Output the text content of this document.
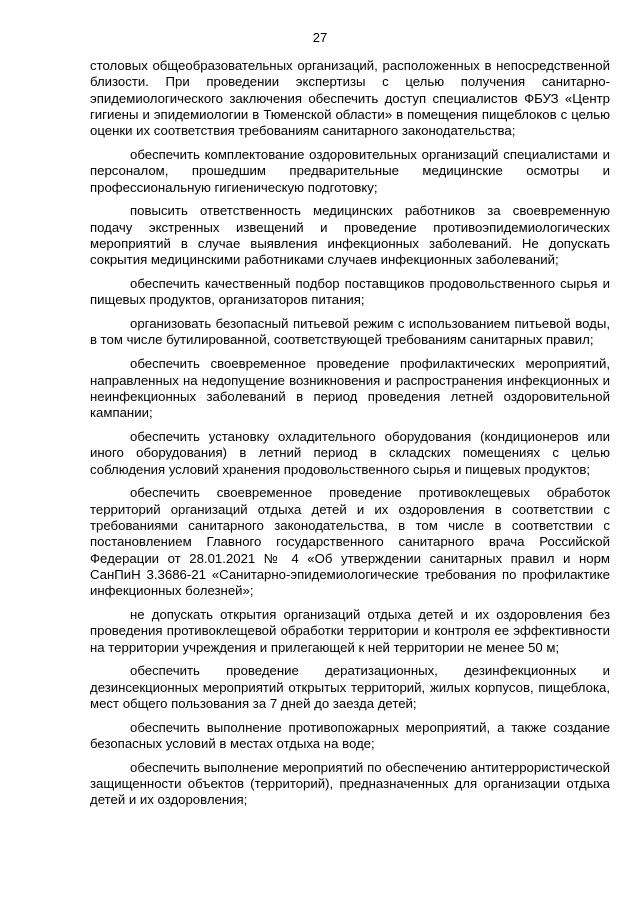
27

столовых общеобразовательных организаций, расположенных в непосредственной близости. При проведении экспертизы с целью получения санитарно-эпидемиологического заключения обеспечить доступ специалистов ФБУЗ «Центр гигиены и эпидемиологии в Тюменской области» в помещения пищеблоков с целью оценки их соответствия требованиям санитарного законодательства;

обеспечить комплектование оздоровительных организаций специалистами и персоналом, прошедшим предварительные медицинские осмотры и профессиональную гигиеническую подготовку;

повысить ответственность медицинских работников за своевременную подачу экстренных извещений и проведение противоэпидемиологических мероприятий в случае выявления инфекционных заболеваний. Не допускать сокрытия медицинскими работниками случаев инфекционных заболеваний;

обеспечить качественный подбор поставщиков продовольственного сырья и пищевых продуктов, организаторов питания;

организовать безопасный питьевой режим с использованием питьевой воды, в том числе бутилированной, соответствующей требованиям санитарных правил;

обеспечить своевременное проведение профилактических мероприятий, направленных на недопущение возникновения и распространения инфекционных и неинфекционных заболеваний в период проведения летней оздоровительной кампании;

обеспечить установку охладительного оборудования (кондиционеров или иного оборудования) в летний период в складских помещениях с целью соблюдения условий хранения продовольственного сырья и пищевых продуктов;

обеспечить своевременное проведение противоклещевых обработок территорий организаций отдыха детей и их оздоровления в соответствии с требованиями санитарного законодательства, в том числе в соответствии с постановлением Главного государственного санитарного врача Российской Федерации от 28.01.2021 № 4 «Об утверждении санитарных правил и норм СанПиН 3.3686-21 «Санитарно-эпидемиологические требования по профилактике инфекционных болезней»;

не допускать открытия организаций отдыха детей и их оздоровления без проведения противоклещевой обработки территории и контроля ее эффективности на территории учреждения и прилегающей к ней территории не менее 50 м;

обеспечить проведение дератизационных, дезинфекционных и дезинсекционных мероприятий открытых территорий, жилых корпусов, пищеблока, мест общего пользования за 7 дней до заезда детей;

обеспечить выполнение противопожарных мероприятий, а также создание безопасных условий в местах отдыха на воде;

обеспечить выполнение мероприятий по обеспечению антитеррористической защищенности объектов (территорий), предназначенных для организации отдыха детей и их оздоровления;
